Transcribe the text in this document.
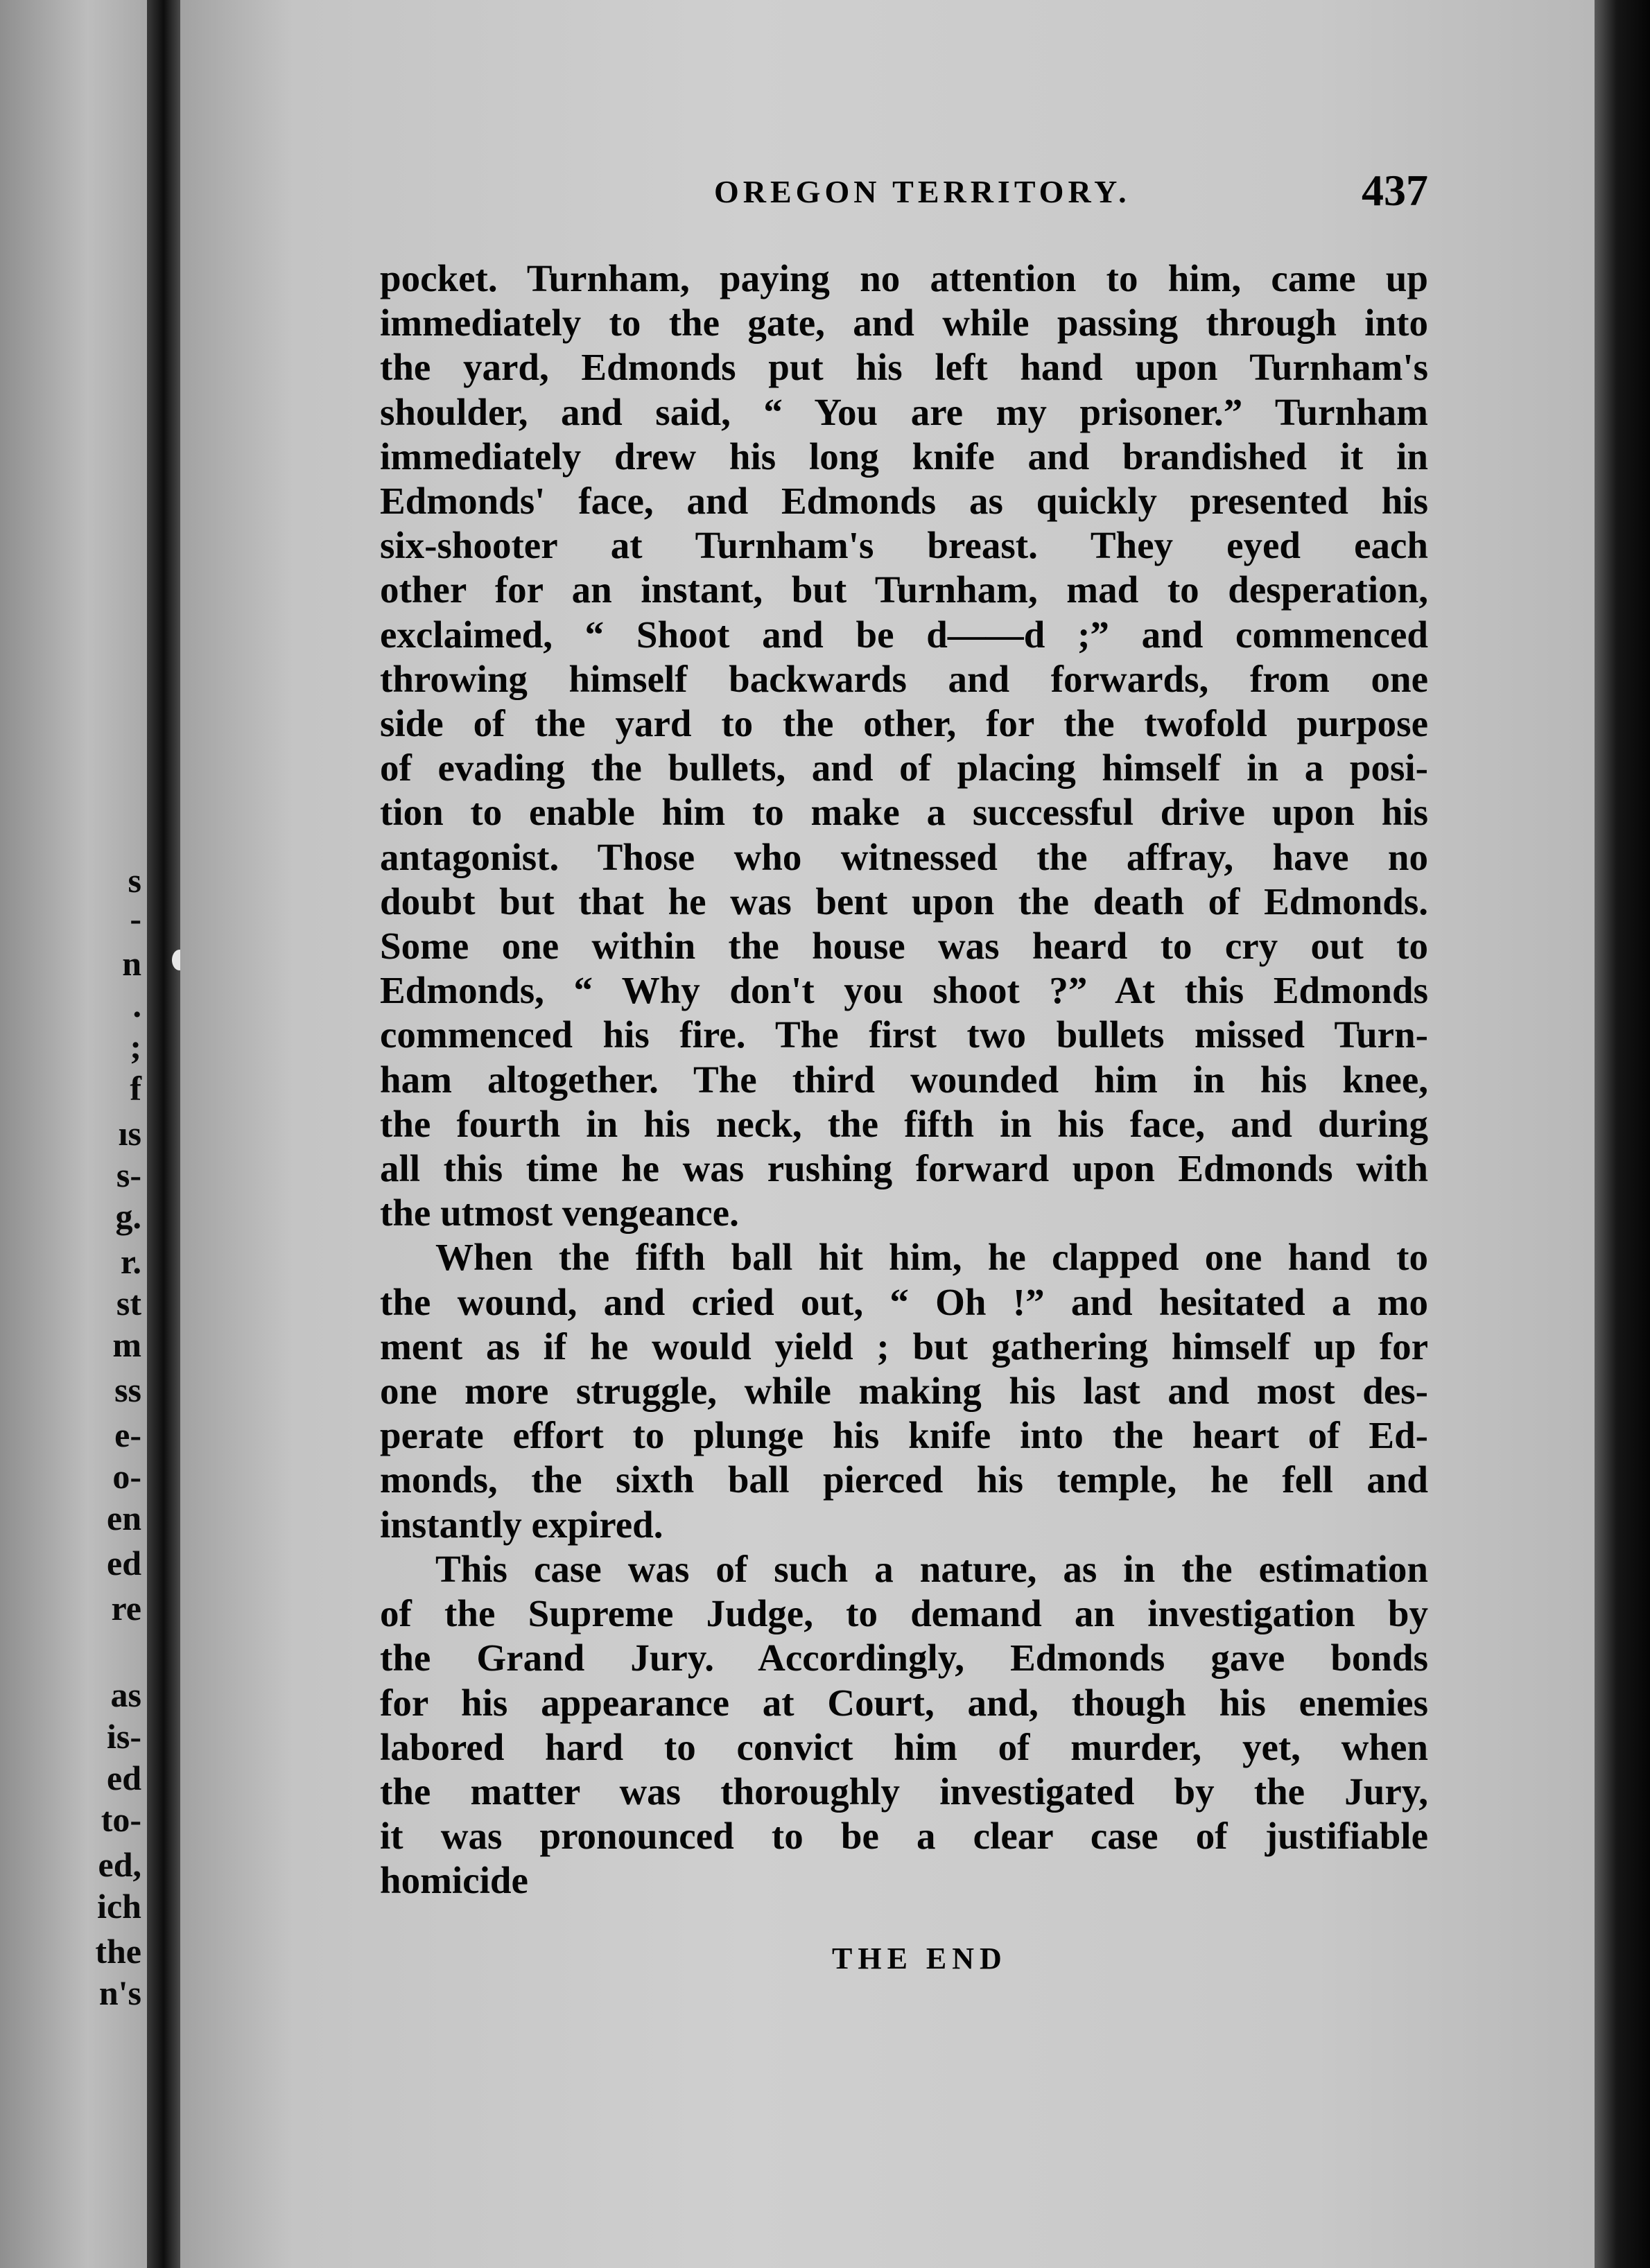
s
-
n
.
;
f
ıs
s-
g.
r.
st
m
ss
e-
o-
en
ed
re
as
is-
ed
to-
ed,
ich
the
n's
OREGON TERRITORY.	437
pocket. Turnham, paying no attention to him, came up
immediately to the gate, and while passing through into
the yard, Edmonds put his left hand upon Turnham's
shoulder, and said, “ You are my prisoner.” Turnham
immediately drew his long knife and brandished it in
Edmonds' face, and Edmonds as quickly presented his
six-shooter at Turnham's breast. They eyed each
other for an instant, but Turnham, mad to desperation,
exclaimed, “ Shoot and be d——d ;” and commenced
throwing himself backwards and forwards, from one
side of the yard to the other, for the twofold purpose
of evading the bullets, and of placing himself in a posi-
tion to enable him to make a successful drive upon his
antagonist. Those who witnessed the affray, have no
doubt but that he was bent upon the death of Edmonds.
Some one within the house was heard to cry out to
Edmonds, “ Why don't you shoot ?” At this Edmonds
commenced his fire. The first two bullets missed Turn-
ham altogether. The third wounded him in his knee,
the fourth in his neck, the fifth in his face, and during
all this time he was rushing forward upon Edmonds with
the utmost vengeance.
When the fifth ball hit him, he clapped one hand to
the wound, and cried out, “ Oh !” and hesitated a mo
ment as if he would yield ; but gathering himself up for
one more struggle, while making his last and most des-
perate effort to plunge his knife into the heart of Ed-
monds, the sixth ball pierced his temple, he fell and
instantly expired.
This case was of such a nature, as in the estimation
of the Supreme Judge, to demand an investigation by
the Grand Jury. Accordingly, Edmonds gave bonds
for his appearance at Court, and, though his enemies
labored hard to convict him of murder, yet, when
the matter was thoroughly investigated by the Jury,
it was pronounced to be a clear case of justifiable
homicide
THE END
